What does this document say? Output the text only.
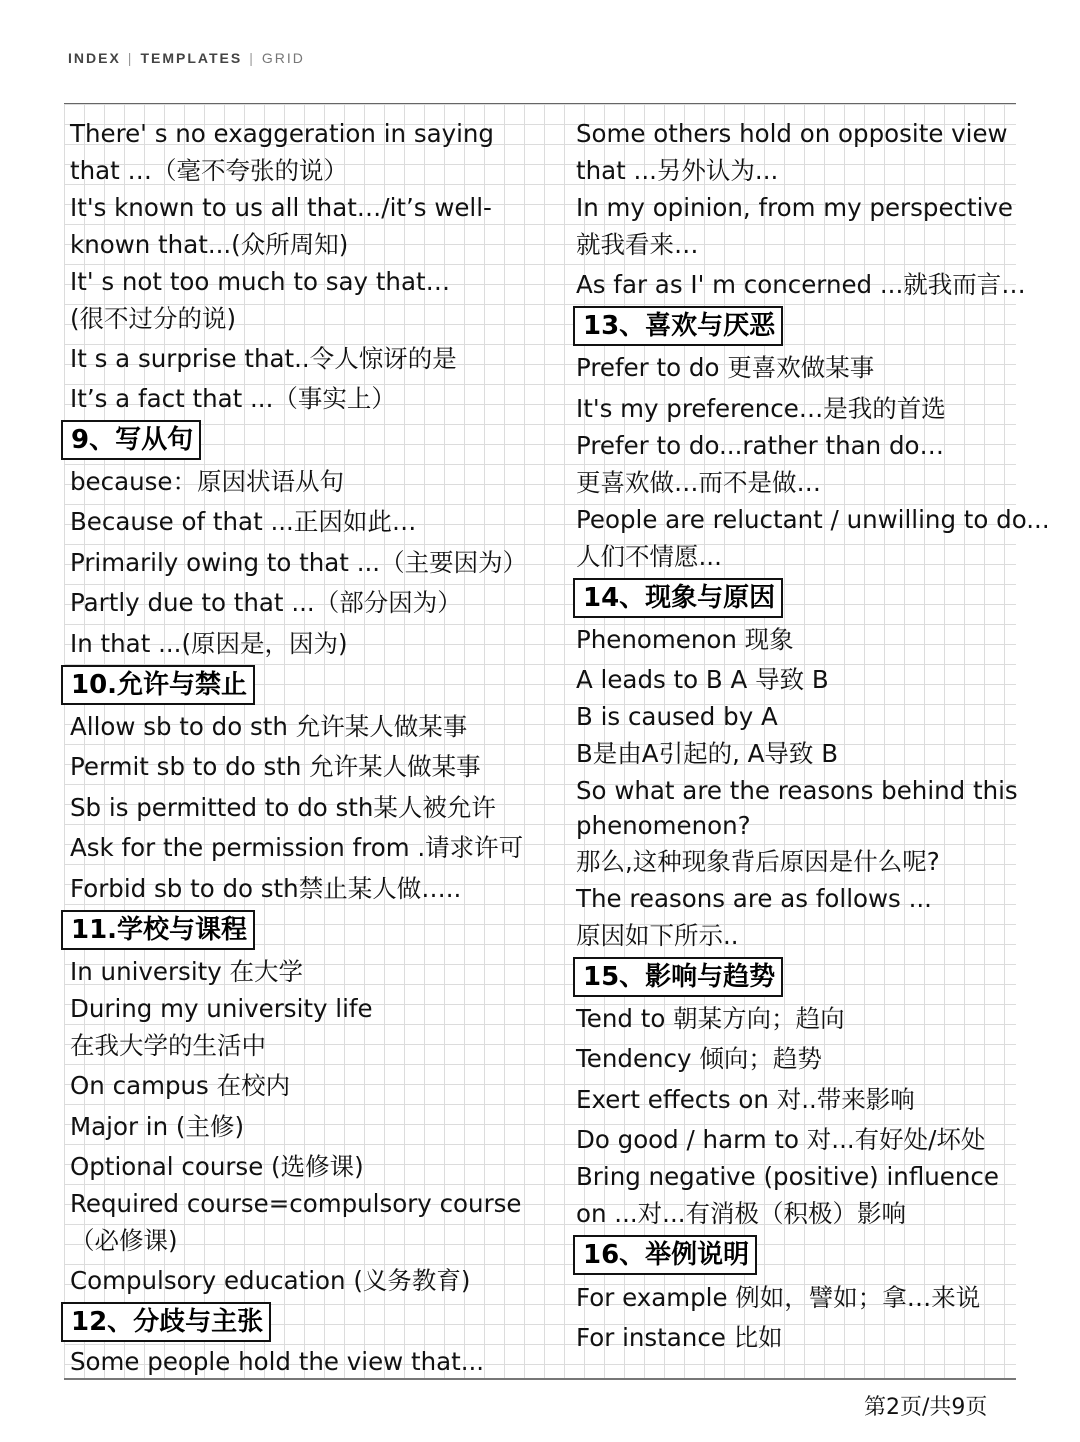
INDEX | TEMPLATES | GRID
There' s no exaggeration in saying
that …（毫不夸张的说）
It's known to us all that…/it’s well-
known that...(众所周知)
It' s not too much to say that…
(很不过分的说)
It s a surprise that..令人惊讶的是
It’s a fact that ...（事实上）
9、写从句
because：原因状语从句
Because of that ...正因如此…
Primarily owing to that ...（主要因为）
Partly due to that ...（部分因为）
In that ...(原因是，因为)
10.允许与禁止
Allow sb to do sth 允许某人做某事
Permit sb to do sth 允许某人做某事
Sb is permitted to do sth某人被允许
Ask for the permission from .请求许可
Forbid sb to do sth禁止某人做…..
11.学校与课程
In university 在大学
During my university life
在我大学的生活中
On campus 在校内
Major in (主修)
Optional course (选修课)
Required course=compulsory course
（必修课)
Compulsory education (义务教育)
12、分歧与主张
Some people hold the view that...
Some others hold on opposite view
that ...另外认为...
In my opinion, from my perspective
就我看来…
As far as I' m concerned ...就我而言…
13、喜欢与厌恶
Prefer to do 更喜欢做某事
It's my preference…是我的首选
Prefer to do...rather than do…
更喜欢做…而不是做…
People are reluctant / unwilling to do...
人们不情愿...
14、现象与原因
Phenomenon 现象
A leads to B A 导致 B
B is caused by A
B是由A引起的, A导致 B
So what are the reasons behind this
phenomenon?
那么,这种现象背后原因是什么呢?
The reasons are as follows ...
原因如下所示..
15、影响与趋势
Tend to 朝某方向；趋向
Tendency 倾向；趋势
Exert effects on 对..带来影响
Do good / harm to 对...有好处/坏处
Bring negative (positive) influence
on ...对...有消极（积极）影响
16、举例说明
For example 例如，譬如；拿…来说
For instance 比如
第2页/共9页
